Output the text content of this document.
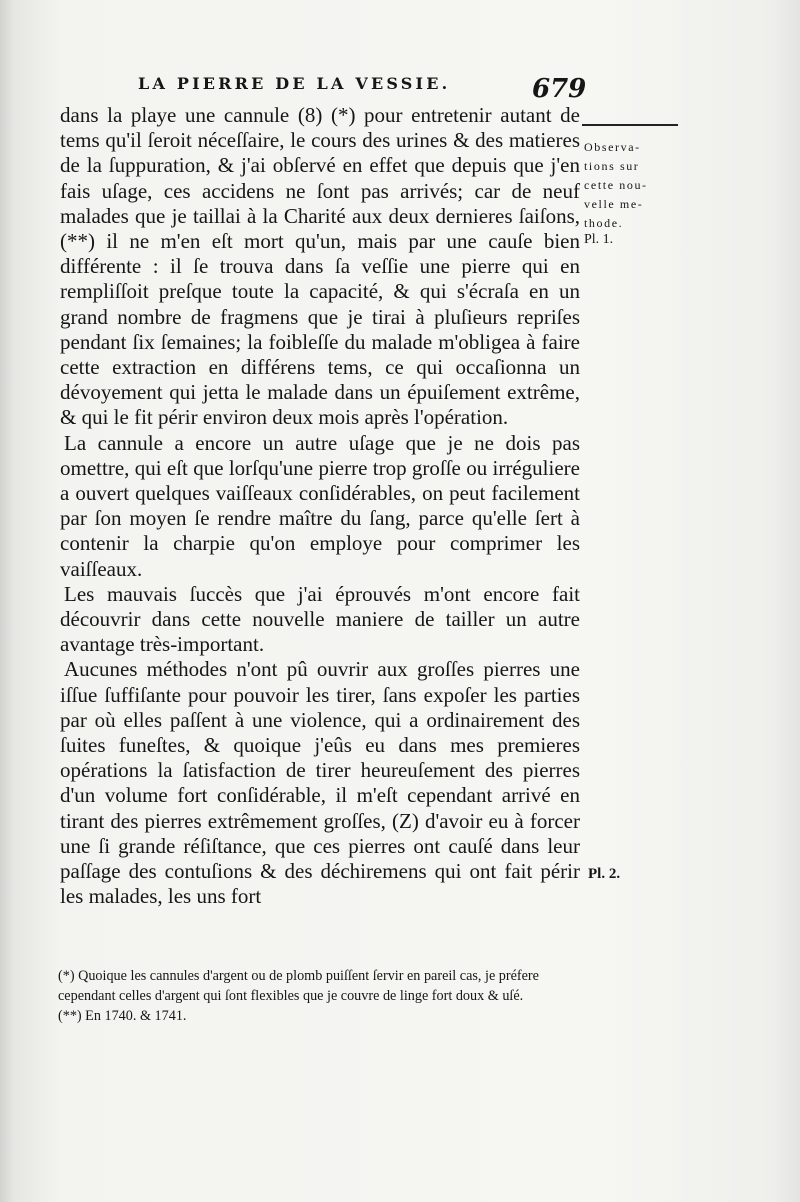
LA PIERRE DE LA VESSIE.	679

dans la playe une cannule (8) (*) pour entretenir autant de tems qu'il ſeroit néceſſaire, le cours des urines & des matieres de la ſuppuration, & j'ai obſervé en effet que depuis que j'en fais uſage, ces accidens ne ſont pas arrivés; car de neuf malades que je taillai à la Charité aux deux dernieres ſaiſons, (**) il ne m'en eſt mort qu'un, mais par une cauſe bien différente : il ſe trouva dans ſa veſſie une pierre qui en rempliſſoit preſque toute la capacité, & qui s'écraſa en un grand nombre de fragmens que je tirai à pluſieurs repriſes pendant ſix ſemaines; la foibleſſe du malade m'obligea à faire cette extraction en différens tems, ce qui occaſionna un dévoyement qui jetta le malade dans un épuiſement extrême, & qui le fit périr environ deux mois après l'opération.

La cannule a encore un autre uſage que je ne dois pas omettre, qui eſt que lorſqu'une pierre trop groſſe ou irréguliere a ouvert quelques vaiſſeaux conſidérables, on peut facilement par ſon moyen ſe rendre maître du ſang, parce qu'elle ſert à contenir la charpie qu'on employe pour comprimer les vaiſſeaux.

Les mauvais ſuccès que j'ai éprouvés m'ont encore fait découvrir dans cette nouvelle maniere de tailler un autre avantage très-important.

Aucunes méthodes n'ont pû ouvrir aux groſſes pierres une iſſue ſuffiſante pour pouvoir les tirer, ſans expoſer les parties par où elles paſſent à une violence, qui a ordinairement des ſuites funeſtes, & quoique j'eûs eu dans mes premieres opérations la ſatisfaction de tirer heureuſement des pierres d'un volume fort conſidérable, il m'eſt cependant arrivé en tirant des pierres extrêmement groſſes, (Z) d'avoir eu à forcer une ſi grande réſiſtance, que ces pierres ont cauſé dans leur paſſage des contuſions & des déchiremens qui ont fait périr les malades, les uns fort

Observa-
tions sur
cette nou-
velle me-
thode.
Pl. 1.
Pl. 2.

(*) Quoique les cannules d'argent ou de plomb puiſſent ſervir en pareil cas, je préfere cependant celles d'argent qui ſont flexibles que je couvre de linge fort doux & uſé.

(**) En 1740. & 1741.
